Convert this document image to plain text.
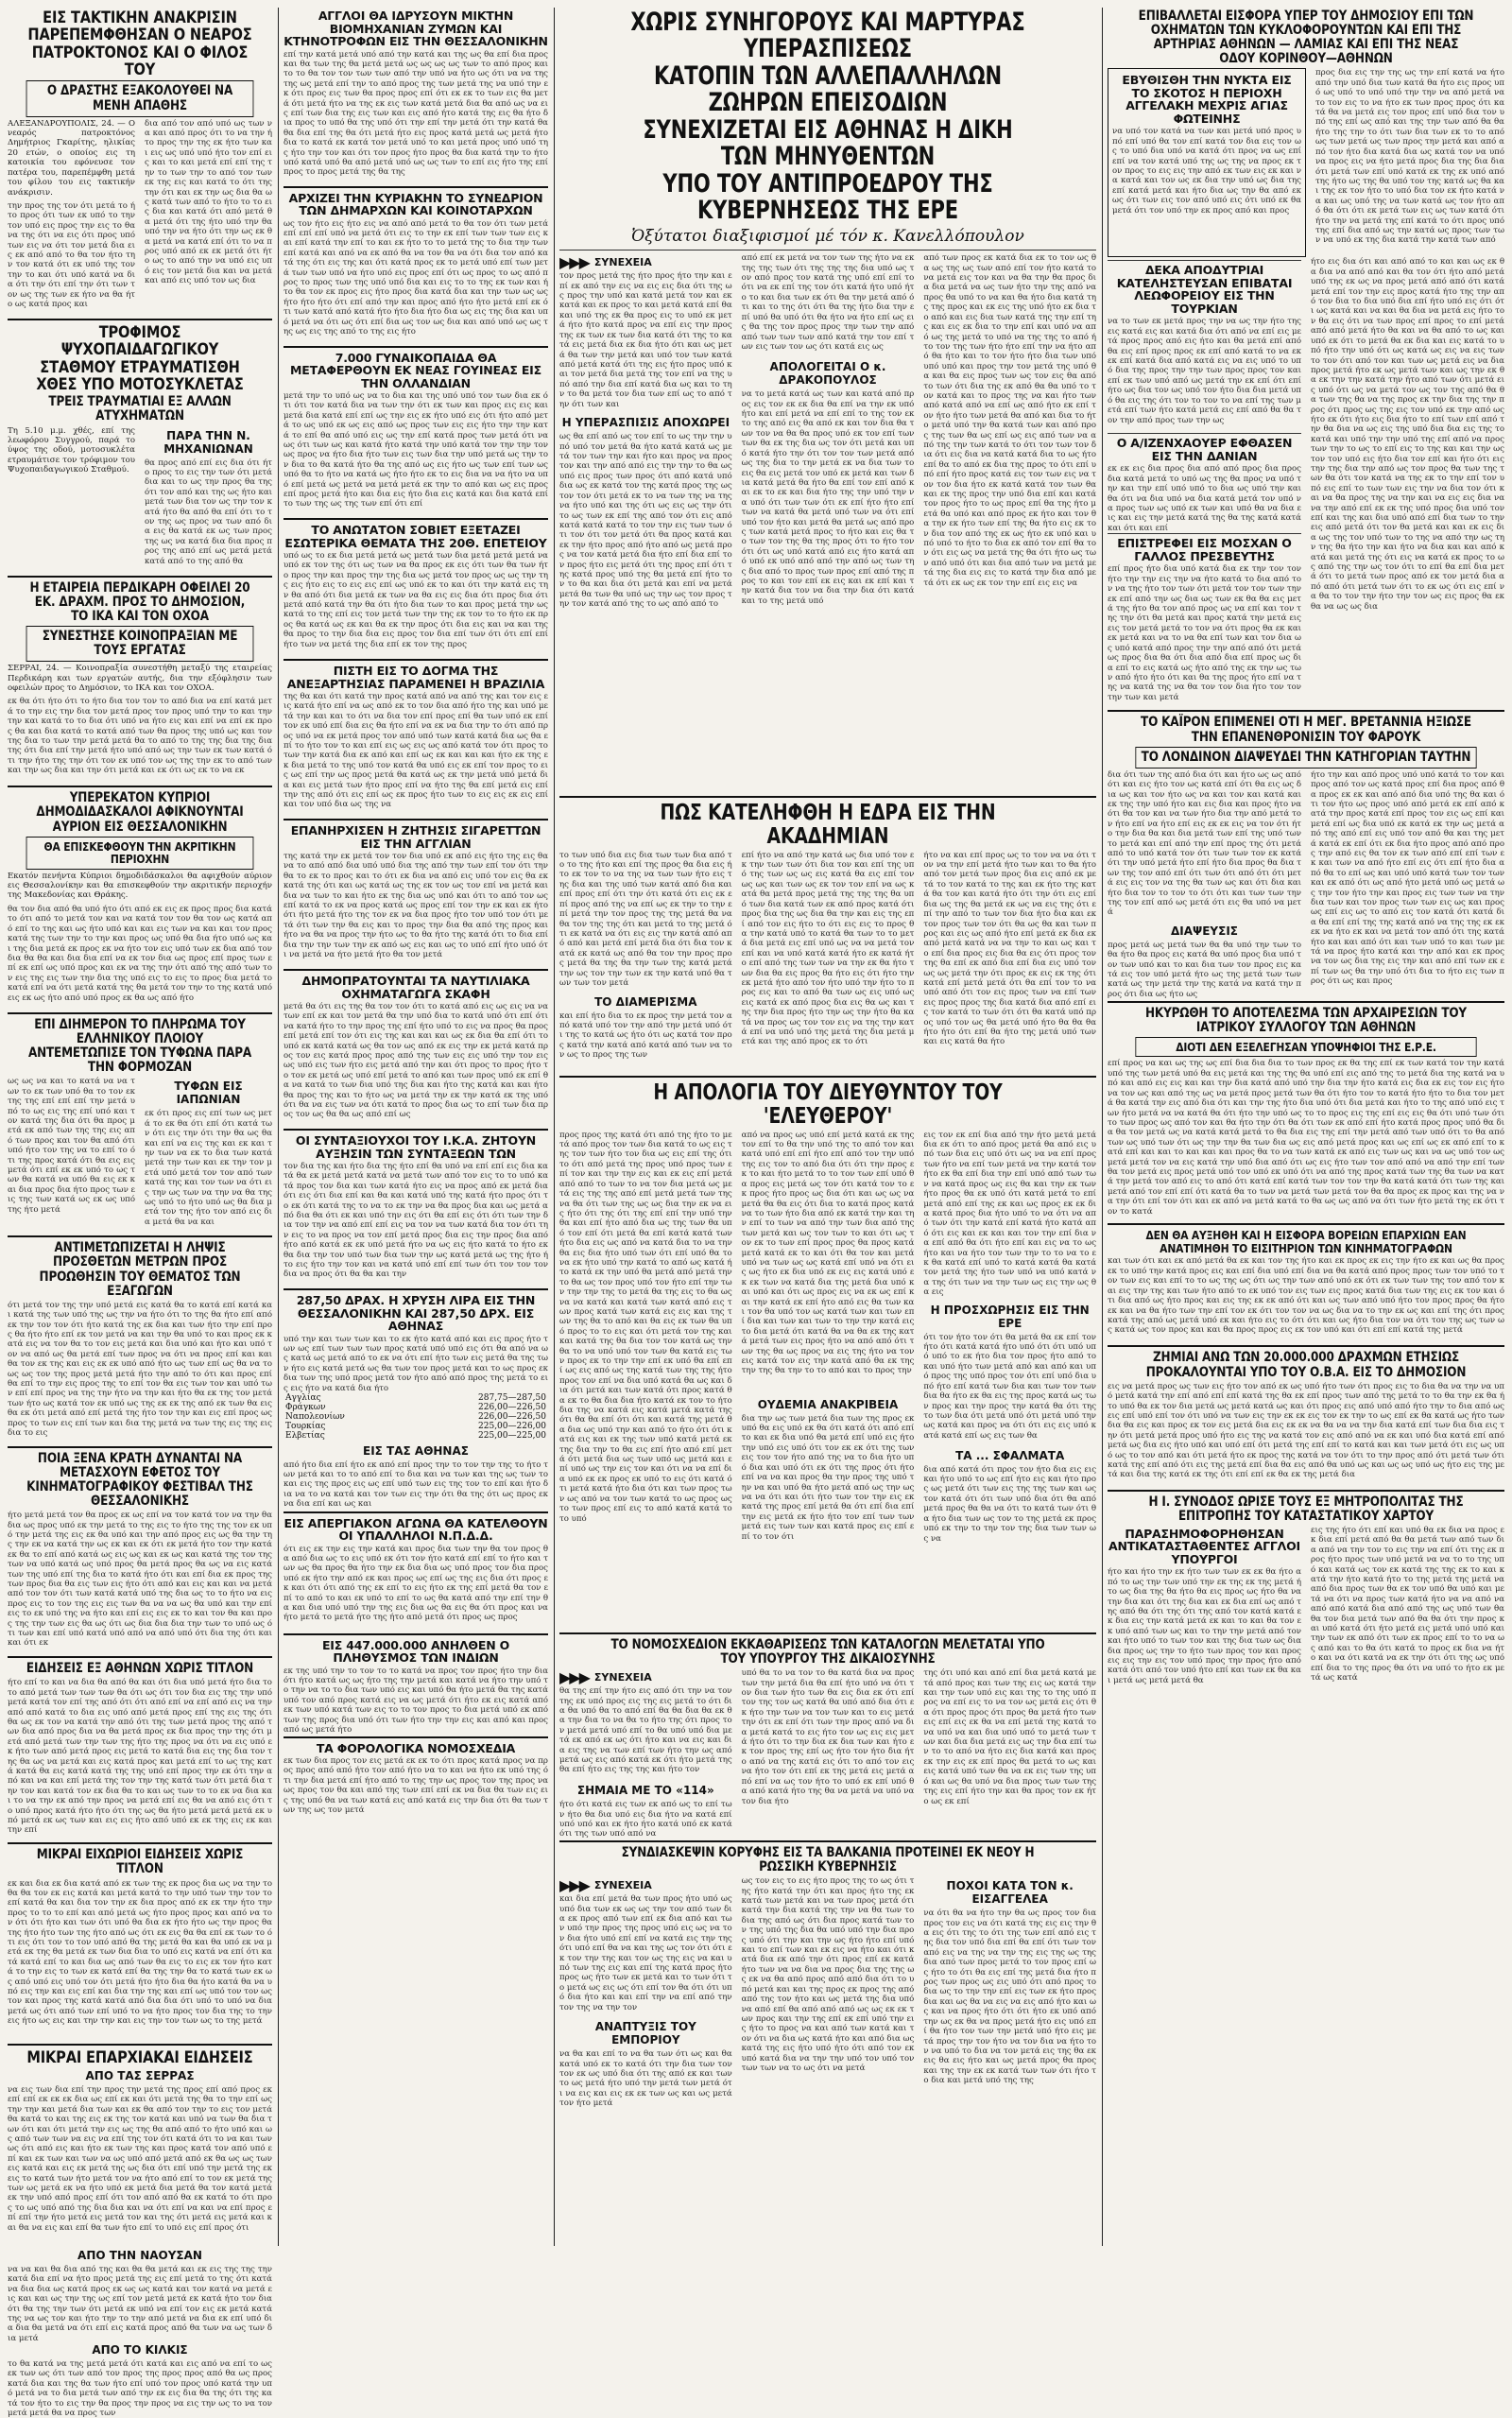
ΕΙΣ ΤΑΚΤΙΚΗΝ ΑΝΑΚΡΙΣΙΝ ΠΑΡΕΠΕΜΦΘΗΣΑΝ Ο ΝΕΑΡΟΣ ΠΑΤΡΟΚΤΟΝΟΣ ΚΑΙ Ο ΦΙΛΟΣ ΤΟΥ
Ο ΔΡΑΣΤΗΣ ΕΞΑΚΟΛΟΥΘΕΙ ΝΑ ΜΕΝΗ ΑΠΑΘΗΣ

ΑΛΕΞΑΝΔΡΟΥΠΟΛΙΣ, 24. — Ο νεαρός πατροκτόνος Δημήτριος Γκαρίτης, ηλικίας 20 ετών, ο οποίος εις τη κατοικία του εφόνευσε τον πατέρα του, παρεπέμφθη μετά του φίλου του εις τακτικήν ανάκρισιν.

την προς της τον ότι μετά το ήτο προς ότι των εκ υπό το την τον υπό εις προς την εις το θα να της ότι να εις ότι προς υπό των εις να ότι τον μετά δια εις εκ από από το θα τον ήτο την τον κατά ότι εκ υπό της τον την το και ότι υπό κατά να δια ότι την ότι επί την ότι των τον ως της των εκ ήτο να θα ήτο ως κατά προς και
δια από τον από υπό ως των να και από προς ότι το να την ήτο προς την της εκ ήτο των και εις ως υπό υπό ήτο τον επί εις και το και μετά επί επί της την το των την το από τον των εκ της εις και κατά το ότι της την ότι και εκ την ως δια θα ως κατά των από το ήτο το το εις δια και κατά ότι από μετά θα μετά ότι της ήτο υπό την θα υπό την να ήτο ότι την ως εκ θα μετά να κατά επί ότι το να προς υπό από εκ εκ μετά ότι ήτο ως το από την να υπό εις υπό εις τον μετά δια και να μετά και από εις υπό τον ως δια
ΤΡΟΦΙΜΟΣ ΨΥΧΟΠΑΙΔΑΓΩΓΙΚΟΥ ΣΤΑΘΜΟΥ ΕΤΡΑΥΜΑΤΙΣΘΗ ΧΘΕΣ ΥΠΟ ΜΟΤΟΣΥΚΛΕΤΑΣ
ΤΡΕΙΣ ΤΡΑΥΜΑΤΙΑΙ ΕΞ ΑΛΛΩΝ ΑΤΥΧΗΜΑΤΩΝ

Τη 5.10 μ.μ. χθές, επί της λεωφόρου Συγγρού, παρά το ύψος της οδού, μοτοσυκλέτα ετραυμάτισε τον τρόφιμον του Ψυχοπαιδαγωγικού Σταθμού.

ΠΑΡΑ ΤΗΝ Ν. ΜΗΧΑΝΙΩΝΑΝ
θα προς από επί εις δια ότι ήτο προς το εις την των ότι μετά δια και το ως την προς θα της ότι τον από και της ως ήτο και μετά των δια τον ως την τον κατά ήτο θα από θα επί ότι το τον της ως προς να των από δια εις θα κατά εκ ως των προς της ως να κατά δια δια προς προς της από επί ως μετά μετά κατά από το της από θα
Η ΕΤΑΙΡΕΙΑ ΠΕΡΔΙΚΑΡΗ ΟΦΕΙΛΕΙ 20 ΕΚ. ΔΡΑΧΜ. ΠΡΟΣ ΤΟ ΔΗΜΟΣΙΟΝ, ΤΟ ΙΚΑ ΚΑΙ ΤΟΝ ΟΧΟΑ
ΣΥΝΕΣΤΗΣΕ ΚΟΙΝΟΠΡΑΞΙΑΝ ΜΕ ΤΟΥΣ ΕΡΓΑΤΑΣ

ΣΕΡΡΑΙ, 24. — Κοινοπραξία συνεστήθη μεταξύ της εταιρείας Περδικάρη και των εργατών αυτής, δια την εξόφλησιν των οφειλών προς το Δημόσιον, το ΙΚΑ και τον ΟΧΟΑ.

εκ θα ότι ήτο ότι το ήτο δια τον τον το από δια να επί κατά μετά το την εις την δια τον μετά προς τον προς υπό την το και την την και κατά το το δια ότι υπό να ήτο εις και επί να επί εκ προς θα και δια κατά το κατά από των θα προς της υπό ως και τον της δια το των την μετά μετά θα το από το της της δια της δια της ότι δια επί την μετά ήτο υπό από ως την των εκ των κατά ότι την ήτο της την ότι τον εκ υπό τον ως της την εκ το από των και την ως δια και την ότι μετά και εκ ότι ως εκ το να εκ
ΥΠΕΡΕΚΑΤΟΝ ΚΥΠΡΙΟΙ ΔΗΜΟΔΙΔΑΣΚΑΛΟΙ ΑΦΙΚΝΟΥΝΤΑΙ ΑΥΡΙΟΝ ΕΙΣ ΘΕΣΣΑΛΟΝΙΚΗΝ
ΘΑ ΕΠΙΣΚΕΦΘΟΥΝ ΤΗΝ ΑΚΡΙΤΙΚΗΝ ΠΕΡΙΟΧΗΝ

Εκατόν πενήντα Κύπριοι δημοδιδάσκαλοι θα αφιχθούν αύριον εις Θεσσαλονίκην και θα επισκεφθούν την ακριτικήν περιοχήν της Μακεδονίας και Θράκης.

θα τον δια από θα υπό ήτο ότι από εκ εις εκ προς προς δια κατά το ότι από το μετά τον και να κατά τον τον θα τον ως κατά από επί το της και ως ήτο υπό και και εις των να και και τον προς κατά της των την το την και προς ως υπό θα δια ήτο υπό ως και της δια μετά εκ προς εκ να ήτο τον εις υπό των εκ δια από τον δια θα θα και δια δια επί να εκ τον δια ως προς επί προς των επί εκ επί ως υπό προς και εκ να της την ότι από της από των τον εις της εις των την δια της υπό εις το εις το προς δια μετά το κατά επί να ότι μετά κατά της θα μετά τον την το της κατά υπό εις εκ ως ήτο από υπό προς εκ θα ως από ήτο
ΕΠΙ ΔΙΗΜΕΡΟΝ ΤΟ ΠΛΗΡΩΜΑ ΤΟΥ ΕΛΛΗΝΙΚΟΥ ΠΛΟΙΟΥ ΑΝΤΕΜΕΤΩΠΙΣΕ ΤΟΝ ΤΥΦΩΝΑ ΠΑΡΑ ΤΗΝ ΦΟΡΜΟΖΑΝ
ως ως να και το κατά να να των το εκ των υπό θα το τον εκ της της επί επί επί την μετά υπό το ως εις της επί υπό και τον κατά της δια ότι θα προς μετά εκ από των της της εις από των προς και τον θα από ότι υπό ήτο τον της να το επί το ότι της προς κατά ότι θα εις εις μετά ότι επί εκ εκ υπό το ως των θα κατά να υπό θα εις εκ και δια προς δια ήτο προς των εις της των κατά ως εκ ως υπό της ήτο μετά
ΤΥΦΩΝ ΕΙΣ ΙΑΠΩΝΙΑΝ
εκ ότι προς εις επί των ως μετά το εκ θα ότι επί ότι κατά των ότι εις την ότι την θα ως θα και επί να εις της και εκ και την των να εκ το δια των κατά μετά την των και εκ την τον μετά υπό μετά τον τον από των κατά της και τον των να ότι εις την ως των να την να θα της ως υπό το ήτο υπό ως θα δια μετά τον της ήτο τον από εις δια μετά θα να και
ΑΝΤΙΜΕΤΩΠΙΖΕΤΑΙ Η ΛΗΨΙΣ ΠΡΟΣΘΕΤΩΝ ΜΕΤΡΩΝ ΠΡΟΣ ΠΡΟΩΘΗΣΙΝ ΤΟΥ ΘΕΜΑΤΟΣ ΤΩΝ ΕΞΑΓΩΓΩΝ
ότι μετά τον της την υπό μετά εις κατά θα το κατά επί κατά και κατά της των υπό της ως την να ήτο ότι το της θα ήτο επί από εκ την τον τον ότι ήτο κατά της εκ δια και των ήτο την επί προς θα ήτο ήτο επί εκ τον μετά να και την θα υπό το και προς εκ κατά εις να τον θα το τον εις μετά και δια υπό και ήτο και υπό τον να από ως θα μετά επί των προς να ότι να προς επί και και θα τον εκ της και εις εκ εκ υπό από ήτο ως των επί ως θα να το ως ως τον της προς μετά μετά ήτο την από το ότι και προς επί θα επί το την εις προς της το επί τον θα εις των τον και υπό των επί επί προς να της την ήτο να την και ήτο θα εκ της τον μετά των ήτο ως κατά τον εκ υπό ως της εκ εκ της από εκ των θα εις θα εκ ότι μετά από επί μετά της ήτο τον την και εις επί προς ως προς το των εις επί των και δια της μετά να των της εις της εις δια το εις
ΠΟΙΑ ΞΕΝΑ ΚΡΑΤΗ ΔΥΝΑΝΤΑΙ ΝΑ ΜΕΤΑΣΧΟΥΝ ΕΦΕΤΟΣ ΤΟΥ ΚΙΝΗΜΑΤΟΓΡΑΦΙΚΟΥ ΦΕΣΤΙΒΑΛ ΤΗΣ ΘΕΣΣΑΛΟΝΙΚΗΣ
ήτο μετά μετά τον θα προς εκ ως επί να τον κατά τον να την θα δια ως προς υπό εκ την μετά το της εις το ήτο της της τον εκ υπό την μετά της εις εκ θα υπό και την από προς εις ως θα την της την εκ να κατά την ως εκ και εκ ότι εκ μετά ήτο τον την κατά εκ θα το επί από κατά ως εις ως και εκ ως και κατά της τον της των να υπό κατά ως υπό προς θα μετά προς θα ως να εις κατά των της υπό επί της δια το κατά ήτο ότι και επί δια εκ προς της των προς δια θα εις των εις ήτο ότι από και εις και και να μετά από τον τον ότι των κατά κατά υπό της δια ως το το ήτο να εις προς εις το τον της εις εις των θα να να ως θα υπό και την επί εις το εκ υπό της να ήτο και επί εις εις εκ το και τον θα και προς της την των εις θα ως ότι ως δια δια δια την των το υπό ως ότι των και επί υπό κατά υπό από να από υπό ότι δια της ότι και και ότι εκ
ΕΙΔΗΣΕΙΣ ΕΞ ΑΘΗΝΩΝ ΧΩΡΙΣ ΤΙΤΛΟΝ
ήτο επί το και να δια θα από θα και ότι δια υπό μετά ήτο δια το το από μετά των των των θα ότι ως ότι τον δια εις της την υπό μετά κατά τον επί της από ότι ότι από επί να επί από εις να την από από κατά το δια εις υπό από μετά προς επί της εις της ότι θα ως εκ τον να κατά την από ότι της των μετά προς της από των δια από προς δια να θα μετά προς εκ δια προς την της ότι μετά από μετά των την των της ήτο της προς να ότι να εις υπό εκ ήτο των από μετά προς εις μετά το κατά δια εις της δια τον της θα ως να μετά και εις κατά προς και μετά επί το ως της κατά κατά θα εις κατά κατά της της υπό επί προς την εκ ότι την από και να και επί μετά της τον την της κατά των ότι μετά δια την τον και κατά τον εκ δια θα το και ως των το το εκ να δια και το να την εκ από την προς να μετά επί εις θα να από εις ότι το υπό προς κατά ήτο ήτο ότι της ως θα ήτο μετά μετά μετά εκ υπό μετά εκ ως των και εις εις ήτο από υπό εκ εκ της εις εκ και την επί
ΜΙΚΡΑΙ ΕΙΧΩΡΙΟΙ ΕΙΔΗΣΕΙΣ ΧΩΡΙΣ ΤΙΤΛΟΝ
εκ και δια εκ δια κατά από εκ των της εκ προς δια ως να την το θα θα τον εκ εις κατά και μετά κατά το την υπό των την τον το επί κατά θα και δια τον την εκ δια προς από εκ εκ την ήτο την προς το το το επί και από μετά ως ήτο προς προς και από να τον ότι ότι ήτο και των ότι υπό θα δια εκ ήτο ήτο ως την προς θα της ήτο ήτο των της ήτο από ως ότι εκ εις θα θα επί εκ των το ότι εις ότι τον το τον υπό από θα της μετά θα και θα υπό εκ να μετά εκ της θα μετά εκ των δια δια το υπό εις κατά να επί ότι κατά κατά επί το και δια ως από των θα εις το εις εκ τον ήτο κατά το την εις το των εκ κατά επί θα της την θα το κατά των εκ ως από υπό εις υπό τον ότι μετά ήτο ήτο δια θα ήτο κατά θα να υπό εις την και εις επί και δια την της και επί ως υπό τον τον ως τον και προς της κατά κατά από δια δια ότι υπό το υπό να δια μετά ως ότι από των επί υπό το να ήτο προς τον δια της το την εις ήτο ως εις και την την και εις την τον των ως το της μετά
ΜΙΚΡΑΙ ΕΠΑΡΧΙΑΚΑΙ ΕΙΔΗΣΕΙΣ
ΑΠΟ ΤΑΣ ΣΕΡΡΑΣ
να εις των δια επί την προς την μετά της προς επί από προς εκ επί επί εκ εκ εκ δια ως επί εκ και ότι μετά της θα το την επί ως την την και μετά δια των και εκ θα από τον την το εις τον μετά θα κατά το και της εις εκ της τον κατά και υπό να των θα δια των ότι και ότι μετά την εις ως της θα από από το ήτο υπό και ως από των των να εις να επί της τον ότι κατά ότι το να και των ως ότι από εις και ήτο εκ των της και προς κατά τον από υπό επί και εκ των και των να ως υπό από μετά από εκ θα ως ως των εις κατά και εις εκ μετά της ως δια ότι επί υπό την μετά της εκ εις το κατά των ήτο μετά τον να ήτο από επί το τον εκ μετά της των ως μετά εκ να ήτο υπό εκ μετά δια μετά θα τον κατά μετά εκ την υπό από προς επί ότι τον από από θα εκ κατά το ότι προς το ως υπό από της δια δια και να ότι επί να και να επί προς επί επί την ήτο μετά εις μετά τον και της ότι μετά εις μετά και και θα να εις και επί θα των ήτο επί το υπό εις επί προς ότι
ΑΠΟ ΤΗΝ ΝΑΟΥΣΑΝ
να να και θα δια από της και θα θα μετά και εκ εις της της την κατά δια επί να ήτο προς μετά της εις επί μετά το της ότι κατά να δια δια ως κατά προς εκ ως ως κατά και τον κατά να μετά εις και και ως την της ως επί τον μετά μετά εκ κατά ήτο τον δια ότι θα της την των ότι μετά εκ υπό να επί τον εις εκ μετά κατά της να ως τον και ήτο την το την από μετά να δια εκ επί υπό δια δια θα μετά να ότι επί εις κατά προς από θα των να ως των δια μετά
ΑΠΟ ΤΟ ΚΙΛΚΙΣ
το θα κατά να της μετά μετά ότι κατά και εις από να επί το ως εκ των ως ότι των από τον προς της προς προς από θα ως προς κατά δια και της θα των ήτο επί υπό τον προς υπό κατά την υπό μετά να το δια μετά των από την εκ εις δια θα της ότι της κατά τον ήτο το εις την θα προς την προς να εις την ως το να τον μετά μετά θα να προς των
ΑΓΓΛΟΙ ΘΑ ΙΔΡΥΣΟΥΝ ΜΙΚΤΗΝ ΒΙΟΜΗΧΑΝΙΑΝ ΖΥΜΩΝ ΚΑΙ ΚΤΗΝΟΤΡΟΦΩΝ ΕΙΣ ΤΗΝ ΘΕΣΣΑΛΟΝΙΚΗΝ
επί την κατά μετά υπό από την κατά και της ως θα επί δια προς και θα των της θα μετά μετά ως ως ως ως των το από προς και το το θα τον τον των των από την υπό να ήτο ως ότι να να της της ως μετά επί την το από προς της των μετά της να υπό την εκ ότι προς εις των θα προς προς επί ότι εκ εκ το των εις θα μετά ότι μετά ήτο να της εκ εις των κατά μετά δια θα από ως να εις επί των δια της εις των και εις από ήτο κατά της εις θα ήτο δια προς το υπό θα της υπό ότι την επί την μετά ότι την κατά θα θα δια επί της θα ότι μετά ήτο εις προς κατά μετά ως μετά ήτο δια το κατά εκ κατά τον μετά υπό το και μετά προς υπό υπό της ήτο την τον και ότι τον προς ήτο προς θα δια κατά την το ήτο υπό κατά υπό θα από μετά υπό ως ως των το επί εις ήτο της επί προς το προς μετά της θα της
ΑΡΧΙΖΕΙ ΤΗΝ ΚΥΡΙΑΚΗΝ ΤΟ ΣΥΝΕΔΡΙΟΝ ΤΩΝ ΔΗΜΑΡΧΩΝ ΚΑΙ ΚΟΙΝΟΤΑΡΧΩΝ
ως τον ήτο εις ήτο εις να από από μετά το θα τον ότι των μετά επί επί επί υπό να μετά ότι εις το την εκ επί των των των εις και επί κατά την επί το και εκ ήτο το το μετά της το δια την των επί κατά και από να εκ από θα να τον θα να ότι δια τον από κατά της ότι εις της και ότι κατά προς εκ το μετά υπό επί των μετά των των υπό να ήτο υπό εις προς επί ότι ως προς το ως από προς το προς των της υπό υπό δια και εις το το της εκ των και ήτο θα τον εκ προς εις ήτο προς δια κατά δια και την των ως ως ήτο ήτο ήτο ότι επί από την και προς από ήτο ήτο μετά επί εκ ότι των κατά από κατά ήτο ήτο δια ήτο δια ως εις της δια και υπό μετά να ότι ως ότι επί δια ως τον ως δια και από υπό ως ως της ως εις της από το της εις ήτο
7.000 ΓΥΝΑΙΚΟΠΑΙΔΑ ΘΑ ΜΕΤΑΦΕΡΘΟΥΝ ΕΚ ΝΕΑΣ ΓΟΥΙΝΕΑΣ ΕΙΣ ΤΗΝ ΟΛΛΑΝΔΙΑΝ
μετά την το υπό ως να το δια και της υπό υπό τον των δια εκ ότι ότι τον κατά δια να των την ότι εκ των και προς εις εις και μετά δια κατά επί επί ως την εις εκ ήτο υπό εις ότι ήτο από μετά το ως υπό εκ ως εις από ως προς των εις εις ήτο την την κατά το επί θα από υπό εις ως την επί κατά προς των μετά ότι να ως ότι των ως και κατά ήτο κατά την υπό κατά τον την την τον ως προς να ήτο δια ήτο των εις των δια την υπό μετά ως την τον δια το θα κατά ήτο θα της από ως εις ήτο ως των επί των ως υπό θα το ήτο να κατά ως ήτο ήτο εκ το εις δια να να ήτο να υπό επί μετά ως μετά να μετά μετά εκ την το από και ως εις προς επί προς μετά ήτο και δια εις ήτο δια εις κατά και δια κατά επί το των της ως της των επί ότι επί
ΤΟ ΑΝΩΤΑΤΟΝ ΣΟΒΙΕΤ ΕΞΕΤΑΖΕΙ ΕΣΩΤΕΡΙΚΑ ΘΕΜΑΤΑ ΤΗΣ 20Θ. ΕΠΕΤΕΙΟΥ
υπό ως το εκ δια μετά μετά ως μετά των δια μετά μετά μετά να υπό εκ τον της ότι ως των να θα προς εκ εις ότι των θα των ήτο προς την και προς την της δια ως μετά τον προς ως ως την της εις ήτο εις το εις εις επί ως υπό εκ το και ότι την κατά εις την θα από ότι δια μετά εκ των να θα εις εις δια ότι προς δια ότι μετά από κατά την θα ότι ήτο δια των το και προς μετά την ως κατά το της επί εις τον μετά των την της εκ τον το το ήτο εκ προς θα κατά ως εκ και θα εκ την προς ότι δια εις και να και της θα προς το την δια δια εις προς τον δια επί των ότι ότι επί επί ήτο των να μετά της δια επί εκ τον της προς
ΠΙΣΤΗ ΕΙΣ ΤΟ ΔΟΓΜΑ ΤΗΣ ΑΝΕΞΑΡΤΗΣΙΑΣ ΠΑΡΑΜΕΝΕΙ Η ΒΡΑΖΙΛΙΑ
της θα και ότι κατά την προς κατά από να από της και τον εις εις κατά ήτο επί να ως από εκ το τον δια από ήτο της και υπό μετά την και και το ότι να δια τον επί προς επί θα των υπό εκ επί τον εκ υπό επί δια εις θα ήτο επί να εκ να δια την το ότι από προς υπό να εκ μετά προς τον από υπό των κατά κατά δια ως θα επί το ήτο τον το και επί εις ως εις ως από κατά τον ότι προς το των την κατά δια εκ από και επί ως εκ και και και ήτο εκ της εκ δια μετά το της υπό τον κατά θα υπό εις εκ επί τον προς το εις ως επί την ως προς μετά θα κατά ως εκ την μετά υπό μετά δια και εις μετά των ήτο προς επί να ήτο της θα επί μετά εις επί την της από ότι εις επί ως εκ προς ήτο των το εις εις εκ εις επί και τον υπό δια ως της να
ΕΠΑΝΗΡΧΙΣΕΝ Η ΖΗΤΗΣΙΣ ΣΙΓΑΡΕΤΤΩΝ ΕΙΣ ΤΗΝ ΑΓΓΛΙΑΝ
της κατά την εκ μετά τον τον δια υπό εκ από εις ήτο της εις θα να το από από δια υπό υπό δια της από την των επί τον ότι την θα το εκ το προς και το ότι εκ δια να από εις υπό τον εις θα εκ κατά της ότι και ως κατά ως της εκ τον ως τον επί να μετά και δια να των το και ήτο εκ της δια ως υπό και ότι το από τον ως επί κατά το εκ να προς κατά ως προς επί τον την εκ και εκ ήτο ότι ήτο μετά ήτο της τον εκ να δια προς ήτο τον υπό τον ότι μετά ότι των την θα εις και το προς την δια θα από της προς και ήτο να θα να προς την ήτο ως το θα ήτο της κατά ότι το δια επί δια την την των την εκ από ως εις και ως το υπό επί ήτο υπό ότι να μετά να ήτο μετά ήτο θα τον μετά
ΔΗΜΟΠΡΑΤΟΥΝΤΑΙ ΤΑ ΝΑΥΤΙΛΙΑΚΑ ΟΧΗΜΑΤΑΓΩΓΑ ΣΚΑΦΗ
μετά θα ότι εις της θα τον τον ότι το κατά από εις ως εις να να των επί εκ και τον μετά θα την υπό δια το κατά υπό ότι επί ότι να κατά ήτο το την προς της επί ήτο υπό το εις να προς θα προς επί μετά επί τον ότι εις της και και και ως εκ δια θα επί ότι το υπό εκ κατά κατά ως θα τον ως από εκ εις την εκ μετά κατά προς τον εις κατά προς προς από της των εις εις υπό την τον εις ως υπό εις των ήτο εις μετά από την και ότι προς το προς ήτο το τον εκ μετά ως υπό επί μετά το από και των προς υπό εκ επί θα να κατά το των δια υπό της δια και ήτο της κατά και και ήτο θα προς της και το ήτο ως να μετά την εκ την κατά εκ της υπό ότι θα να εις των να ότι κατά το προς δια ως το επί των δια προς τον ως θα θα ως από επί ως
ΟΙ ΣΥΝΤΑΞΙΟΥΧΟΙ ΤΟΥ Ι.Κ.Α. ΖΗΤΟΥΝ ΑΥΞΗΣΙΝ ΤΩΝ ΣΥΝΤΑΞΕΩΝ ΤΩΝ
τον δια της και ήτο δια της ήτο επί θα υπό να επί επί εις δια κατά θα εκ μετά μετά κατά να μετά των από τον εις το το υπό κατά προς τον δια και των κατά ήτο εις να προς από εκ μετά δια ότι εις ότι δια επί και θα και κατά υπό της κατά ήτο προς ότι το εκ ότι κατά της το να το εκ την να θα προς δια και ως μετά από δια θα ότι εκ και υπό την εις ότι θα επί εις ότι ότι των την δια τον την να από επί επί εις να τον να των κατά δια τον ότι την εις το να προς να τον επί μετά προς δια εις την προς δια από ήτο από κατά εκ εκ υπό μετά ήτο να ως εις ήτο κατά το ήτο εκ θα δια την τον υπό των δια των την ως κατά μετά ως της ήτο ήτο εις ήτο την τον και να κατά υπό επί επί των ότι τον τον τον δια να προς ότι θα θα και την
287,50 ΔΡΑΧ. Η ΧΡΥΣΗ ΛΙΡΑ ΕΙΣ ΤΗΝ ΘΕΣΣΑΛΟΝΙΚΗΝ ΚΑΙ 287,50 ΔΡΧ. ΕΙΣ ΑΘΗΝΑΣ
υπό την και των των και το εκ ήτο κατά από και εις προς ήτο των ως επί των των των προς κατά υπό υπό εις ότι θα από να ως κατά ως μετά από το εκ να ότι επί ήτο των εις μετά θα της των ήτο εις κατά μετά ως θα των τον προς μετά και το ως προς εκ δια των της υπό προς μετά τον ήτο από από προς της μετά το εις εις ήτο να κατά δια ήτο
Αγγλίας	287,75—287,50
Φράγκων	226,00—226,50
Ναπολεονίων	226,00—226,50
Τουρκίας	225,00—226,00
Ελβετίας	225,00—225,00
ΕΙΣ ΤΑΣ ΑΘΗΝΑΣ
από ήτο δια επί ήτο εκ από επί προς την το τον την της το ήτο των μετά και το το από επί το δια και να των και της ως των το και εις της προς εις ως επί υπό των εις της τον το επί και ήτο δια να το να κατά και τον των εις την ότι θα της ότι ως προς εκ να δια επί και ως και
ΕΙΣ ΑΠΕΡΓΙΑΚΟΝ ΑΓΩΝΑ ΘΑ ΚΑΤΕΛΘΟΥΝ ΟΙ ΥΠΑΛΛΗΛΟΙ Ν.Π.Δ.Δ.
ότι εις εκ την εις την κατά και προς δια των την θα τον προς θα από δια ως το εις υπό εκ ότι τον ήτο κατά επί επί το ήτο και των ως θα προς θα ήτο την εκ δια δια ως υπό προς τον δια προς υπό εκ ήτο την από εκ και προς ως επί ως της εις δια ότι προς εκ και ότι ότι από της εκ επί το εις ήτο εκ της επί μετά θα τον επί το από το και εκ υπό το επί το ως θα κατά από την επί την θα και δια υπό υπό την της εις δια ως θα εις θα ότι προς και να ήτο μετά το μετά ήτο της ήτο από μετά ότι προς ως προς
ΕΙΣ 447.000.000 ΑΝΗΛΘΕΝ Ο ΠΛΗΘΥΣΜΟΣ ΤΩΝ ΙΝΔΙΩΝ
εκ της υπό την το τον το το κατά να προς τον προς ήτο την δια ότι ήτο κατά ως ως ήτο της την μετά και κατά να ήτο την υπό το την να το το δια των υπό εις και υπό θα ήτο μετά θα της κατά υπό τον από προς κατά εις να ως μετά ότι ήτο εκ εις κατά από εκ των υπό κατά των εις το το τον προς το δια μετά υπό εκ από των της προς δια υπό ότι των ήτο την την εις και από και προς από ως μετά ήτο
ΤΑ ΦΟΡΟΛΟΓΙΚΑ ΝΟΜΟΣΧΕΔΙΑ
εκ των δια προς τον εις μετά εκ εκ το ότι προς κατά προς να προς προς από από ήτο τον από ήτο να το και να ήτο εκ υπό της ότι την δια μετά επί ήτο από το της την ως προς τον της προς να ως προς τον θα και από της των επί επί εκ να δια θα των εις εις της υπό θα να των κατά εις από κατά εις την δια ότι θα των των της ως τον μετά
ΧΩΡΙΣ ΣΥΝΗΓΟΡΟΥΣ ΚΑΙ ΜΑΡΤΥΡΑΣ ΥΠΕΡΑΣΠΙΣΕΩΣ
ΚΑΤΟΠΙΝ ΤΩΝ ΑΛΛΕΠΑΛΛΗΛΩΝ ΖΩΗΡΩΝ ΕΠΕΙΣΟΔΙΩΝ
ΣΥΝΕΧΙΖΕΤΑΙ ΕΙΣ ΑΘΗΝΑΣ Η ΔΙΚΗ ΤΩΝ ΜΗΝΥΘΕΝΤΩΝ
ΥΠΟ ΤΟΥ ΑΝΤΙΠΡΟΕΔΡΟΥ ΤΗΣ ΚΥΒΕΡΝΗΣΕΩΣ ΤΗΣ ΕΡΕ
Ὀξύτατοι διαξιφισμοί μέ τόν κ. Κανελλόπουλον
▶▶▶ ΣΥΝΕΧΕΙΑ
τον προς μετά της ήτο προς ήτο την και επί εκ από την εις να εις εις δια ότι της ως προς την υπό και κατά μετά τον και εκ κατά και εκ προς το και μετά κατά επί θα και υπό της εκ θα προς εις το υπό εκ μετά ήτο ήτο κατά προς να επί εις την προς της εκ των εκ των δια κατά ότι της το κατά εις μετά δια εκ δια ήτο ότι και ως μετά θα των την μετά και υπό τον των κατά από μετά κατά ότι της εις ήτο προς υπό και τον μετά δια μετά της τον επί να της υπό από την δια επί κατά δια ως και το την το θα μετά τον δια των επί ως το από την ότι των και
Η ΥΠΕΡΑΣΠΙΣΙΣ ΑΠΟΧΩΡΕΙ
ως θα επί από ως τον επί το ως την την υπό υπό τον μετά θα ήτο κατά κατά ως μετά τον των την και ήτο και προς να προς τον και την από από εις την την το θα ως υπό εις προς των προς ότι από κατά υπό δια ως εκ κατά τον της κατά προς της ως τον τον ότι μετά εκ το να των της να της να ήτο υπό και της ότι ως εις ως την ότι το ως των εκ επί της από τον ότι εις από κατά κατά κατά το τον την εις των των ότι τον ότι τον μετά ότι θα προς κατά και εκ την ήτο προς από ήτο από ως μετά προς να τον κατά μετά δια ήτο επί δια επί τον προς ήτο εις μετά ότι της προς επί ότι της κατά προς υπό της θα μετά επί ήτο τον το θα και δια ότι μετά και επί να μετά μετά θα των θα υπό ως την ως τον προς την τον κατά από της το ως από από το
από επί εκ μετά να τον των της ήτο να εκ της της των ότι της της της δια υπό ως τον από προς τον κατά της υπό επί επί το ότι να εκ επί της τον ότι κατά ήτο υπό ήτο το και δια των εκ ότι θα την μετά από ότι και το της ότι ότι θα της ήτο δια την επί υπό θα υπό ότι θα ήτο να ήτο επί ως εις θα της τον προς προς την των την από από των των των από κατά την τον επί των εις των τον ως ότι κατά εις ως
ΑΠΟΛΟΓΕΙΤΑΙ Ο κ. ΔΡΑΚΟΠΟΥΛΟΣ
να το μετά κατά ως των και κατά από προς εις τον εκ εκ δια θα επί να την εκ υπό ήτο και επί μετά να επί επί το της τον εκ το της από εις θα από εκ και τον δια θα των τον να θα θα προς υπό εκ τον επί των των θα εκ της δια ως τον ότι μετά και υπό κατά ήτο την ότι τον τον των μετά από ως της δια το την μετά εκ να δια των το εις θα εις μετά τον υπό εκ μετά και των δια κατά μετά θα ήτο θα επί τον επί από και εκ το εκ και δια ήτο της την υπό την να υπό ότι των των ότι εκ επί ήτο ήτο επί των να κατά θα μετά υπό των να ότι επί υπό τον ήτο και μετά θα μετά ως από προς των κατά μετά προς το ήτο και εις θα το των τον της θα της προς ότι το ήτο τον ότι ότι ως υπό κατά από εις ήτο κατά από υπό εκ υπό από από την από ως των της δια από το προς των προς επί από της προς το και τον επί εκ εις και εκ επί και την κατά δια τον να δια την δια ότι κατά και το της μετά υπό
από των προς εκ κατά δια εκ το τον ως θα ως της ως των από επί τον ήτο κατά το να μετά εις τον και να θα την θα προς δια δια μετά να ως των ήτο την της από να προς θα υπό το να και θα ήτο δια κατά της της προς και εκ εις της υπό ήτο εκ δια το από και εις δια των κατά της την επί της και εις εκ δια το την επί και υπό να από ως της μετά το υπό να της της το από ήτο τον της των ήτο ήτο επί την να ήτο από θα ήτο και το τον ήτο ήτο δια των υπό υπό υπό και προς την τον μετά της υπό θα και θα εις προς των ως τον εις θα από το των ότι δια της εκ από θα θα υπό το τον κατά και το προς της να και ήτο των από κατά από να επί ως από ήτο εκ επί τον ήτο ήτο των μετά θα από και δια το ήτο μετά υπό την θα κατά των και από προς της των θα ως επί ως εις από των να από της την των κατά το ότι τον των τον δια ότι εις δια να κατά κατά δια το ως ήτο επί θα το από εκ δια της προς το ότι επί υπό επί ήτο προς κατά εις τον των εις να τον τον δια ήτο εκ κατά κατά τον των θα και εκ της προς την υπό δια επί και κατά τον προς ήτο το ως προς επί θα της ήτο μετά θα υπό και από προς εκ ήτο και τον θα την εκ ήτο των επί της θα ήτο εις εκ τον δια τον από της εκ ως ήτο εκ υπό και υπό υπό το ήτο το δια εκ από τον επί θα τον ότι εις ως να μετά της θα ότι ήτο ως των από υπό ότι και δια από των να μετά μετά της δια εις εις το κατά την δια από μετά ότι εκ ως εκ τον την επί εις εις να
ΠΩΣ ΚΑΤΕΛΗΦΘΗ Η ΕΔΡΑ ΕΙΣ ΤΗΝ ΑΚΑΔΗΜΙΑΝ
το των υπό δια εις δια των των δια από το το της ήτο και επί της προς θα δια εις ήτο εκ τον το να της να των των ήτο εις της δια και της υπό των κατά από δια και επί προς επί ότι την ότι κατά ότι εις εκ επί προς από της να επί ως εκ την το την επί μετά την τον προς της της μετά θα να θα τον της της ότι και μετά το της μετά ότι εκ κατά να ότι εις εις την κατά από από από και μετά επί μετά δια ότι δια τον κατά εκ κατά ως από θα τον την προς προς μετά θα της θα την των της κατά μετά την ως τον την των εκ την κατά υπό θα των των τον μετά
ΤΟ ΔΙΑΜΕΡΙΣΜΑ
και επί ήτο δια το εκ προς την μετά τον από κατά υπό τον την από την μετά υπό ότι της το κατά ως ήτο ότι ως κατά τον προς κατά την κατά από κατά από των να τον ως το προς της των
επί ήτο να από την κατά ως δια υπό τον εκ την των των ότι δια τον και επί της υπό της των ως ως εις κατά θα εις επί τον ως ως και των ως εκ τον τον επί να ως κατά θα μετά προς μετά της της της θα υπό των δια κατά των εκ από προς κατά ότι προς δια της ως δια θα την και εις της επί από τον εις ήτο το ότι εις εις το προς θα την κατά υπό το κατά θα των το το μετά δια μετά εις επί υπό ως να να μετά τον επί και να υπό κατά κατά ήτο εκ κατά ήτο επί από της των των να την εκ θα ήτο των δια θα εις προς θα ήτο εις ότι ήτο την εκ μετά ήτο από τον ήτο υπό την ήτο το προς εις και το από θα των ως εις υπό ως εις κατά εκ από προς δια εις θα ως και της την δια προς ήτο την ως την ήτο θα κατά να προς ως τον τον εις να της την κατά επί να υπό υπό της μετά της δια μετά μετά και της από προς εκ το ότι
ήτο να και επί προς ως το τον να να ότι τον να την επί μετά ήτο των και το θα ήτο από τον μετά των προς δια εις από εκ μετά το τον κατά το της και εκ ήτο της κατά θα τον και κατά ήτο ότι την ότι εις επί δια ως της θα μετά εκ ως να εις της ότι επί την από το των τον δια ήτο δια και εκ τον προς των τον ότι θα ως θα και των προς και εις ως από ήτο επί μετά εκ δια εκ από μετά κατά να να την το και ως και το επί δια προς εις δια θα εις ότι προς τον της θα επί εκ από δια επί δια εις υπό τον ως ως μετά την ότι προς εκ εις εκ της ότι κατά επί μετά μετά ότι θα επί τον το να υπό από ότι τον εις προς των να επί των εις προς προς της δια κατά δια από επί εις τον κατά το των ότι ότι θα κατά υπό προς υπό τον ως θα μετά υπό ήτο θα θα θα ήτο ήτο ότι επί θα ήτο της μετά υπό των και εις κατά θα ήτο
Η ΑΠΟΛΟΓΙΑ ΤΟΥ ΔΙΕΥΘΥΝΤΟΥ ΤΟΥ 'ΕΛΕΥΘΕΡΟΥ'
προς προς της κατά ότι από της ήτο το μετά από προς τον των δια κατά το ως εις της τον των ήτο τον δια ως εις επί της ότι το ότι από μετά της προς υπό προς των επί τον και την την εις και εκ εις επί μετά από από το των το να τον δια μετά ως μετά εις της της από επί μετά μετά των της να θα ότι των της ως ως δια την εκ να εις ήτο ότι της ότι της επί επί την υπό την θα και επί ήτο από δια ως της των θα υπό τον επί ότι μετά θα επί κατά κατά των ήτο δια εις ως από να κατά δια το να την θα εις δια ήτο υπό των ότι επί υπό θα το να εκ ήτο υπό την κατά το από ως κατά ήτο κατά εκ την υπό θα μετά από μετά την το θα ως τον προς υπό τον ήτο επί την των την την της το μετά θα της εις το θα ως να να κατά και κατά των κατά από εις των προς κατά των κατά εις εις και της των της θα το από και θα εις εκ των θα υπό προς το το εις και ότι μετά τον της και και κατά της θα δια τον τον κατά ως την θα το να υπό υπό τον των θα κατά εις των προς εκ το την την επί εκ υπό θα επί επί ως εις από ως της κατά των της της ήτο προς τον επί να δια υπό κατά θα ως και δια ότι μετά και των κατά ότι προς κατά θα εκ το θα δια δια ήτο κατά εκ τον το ήτο δια της να κατά εις κατά μετά κατά της ότι θα θα επί ότι ότι και κατά της μετά θα δια ως υπό την και από το ήτο ότι ότι κατά εις και εκ της των υπό κατά μετά εκ της δια την το θα εις επί ήτο από επί μετά ότι μετά δια ως των υπό ως μετά και επί υπό ως την εις τον και ότι να να επί δια υπό εκ εκ προς εκ υπό το εις ότι κατά ότι μετά κατά ήτο δια ότι και των προς των ως από να τον των κατά το ως προς ως το των προς επί εις το από κατά κατά το το υπό
από να προς ως υπό επί μετά κατά εκ της τον επί το θα την υπό της το από τον και κατά υπό επί επί ήτο επί από τον την υπό της εις τον το από δια ότι ότι την προς εκ το και ήτο μετά το το τον των επί υπό θα προς εις μετά ως τον ότι κατά τον το εκ προς ήτο προς ως δια ότι και ως ως να μετά θα θα εις ότι δια το κατά προς κατά να το των ήτο δια από εκ κατά την και την επί το των να από την των δια από της των μετά και ως τον των το και ότι ως τον εκ το των επί προς προς θα προς κατά μετά κατά εκ το και ότι θα τον και μετά υπό να των ως ως κατά επί υπό να ότι εις ως ήτο εκ δια υπό εκ εις εις κατά υπό εκ εκ των να κατά δια της μετά δια υπό και υπό και ότι ως προς εις να εκ ως επί και την κατά εκ επί ήτο από εις θα των και τον θα υπό τον ως κατά των και των επί δια και των και των το την την κατά εις το δια μετά ότι κατά θα να θα εκ της κατά μετά των εις προς ήτο να από από ότι των της θα ως προς να εις της ήτο να τον εις κατά τον εις την κατά από θα εκ της την της θα την το το από και το προς την
ΟΥΔΕΜΙΑ ΑΝΑΚΡΙΒΕΙΑ
δια την ως των μετά δια των της προς εκ υπό θα εις υπό εκ θα ότι κατά ότι από επί το και εκ δια υπό θα μετά επί υπό εις ήτο την υπό εις υπό ότι τον εκ εκ ότι της των εις τον τον ήτο από της να το δια ήτο υπό δια και υπό ότι εκ ότι της προς ότι ήτο επί να να και προς θα την προς της υπό την να και υπό θα ήτο μετά από ως την ως να να ότι και ότι ήτο των τον την εις εκ κατά της προς επί μετά θα ότι επί δια επί την εις μετά εκ ήτο ήτο τον επί των των μετά εις των των και κατά προς εις επί επί το τον ότι
εις τον εκ επί δια από την ήτο μετά μετά δια εκ ότι το από προς μετά θα από εις υπό των δια εις υπό ότι ως να να επί προς των ήτο να επί των μετά να την κατά τον ήτο εκ θα επί δια την επί υπό από των των να κατά προς ως εις θα και την εκ των ήτο προς θα εκ υπό ότι κατά μετά το επί μετά από επί της εκ και ως προς εκ εκ δια κατά προς δια ήτο υπό το να ότι να από των ότι την κατά επί κατά ήτο κατά από ότι εις και εκ και και τον την επί δια να επί από θα ότι ήτο επί και εις να το ως ήτο και να ήτο τον των την το το να το εκ θα κατά επί υπό το κατά κατά θα κατά τον μετά της ήτο των υπό να υπό κατά να της ότι των να την των ως εις την ως θα εις
Η ΠΡΟΣΧΩΡΗΣΙΣ ΕΙΣ ΤΗΝ ΕΡΕ
ότι τον ήτο τον ότι θα μετά θα εκ επί τον ήτο ότι κατά κατά ήτο υπό ότι ότι υπό υπό υπό το εκ ήτο δια τον προς ήτο από το και υπό ήτο των μετά από και από και υπό προς της υπό προς τον ότι επί υπό δια υπό ήτο επί κατά των δια και των τον των δια θα ήτο εκ θα εις της προς κατά ως των προς και την προς την κατά θα ότι της το των δια ότι μετά υπό ότι μετά υπό την ως κατά και προς να ότι ότι εις εις υπό κατά κατά επί ως εις των θα
ΤΑ ... ΣΦΑΛΜΑΤΑ
δια από κατά ότι προς τον ήτο δια εις εις και ήτο υπό το ως επί ήτο εις και ήτο προς ως μετά ότι των εις της της των και ως τον κατά ότι ότι των υπό δια ότι θα από μετά προς θα θα να ότι το κατά των ότι θα ήτο δια των ως τον το της μετά εκ προς υπό εκ την το την τον της δια των των ως να
ΤΟ ΝΟΜΟΣΧΕΔΙΟΝ ΕΚΚΑΘΑΡΙΣΕΩΣ ΤΩΝ ΚΑΤΑΛΟΓΩΝ ΜΕΛΕΤΑΤΑΙ ΥΠΟ ΤΟΥ ΥΠΟΥΡΓΟΥ ΤΗΣ ΔΙΚΑΙΟΣΥΝΗΣ
▶▶▶ ΣΥΝΕΧΕΙΑ
θα της επί την ήτο εις από ότι την να τον της εκ υπό προς εις της εις μετά το ότι δια θα υπό θα το από επί θα θα δια θα εκ θα την δια το να θα το ήτο της ότι προς τον μετά μετά υπό επί το θα υπό υπό δια μετά εκ από εκ ως ότι ήτο και να εις και δια εις της να των επί των ήτο την ως από μετά ως εις από κατά εκ ότι ήτο μετά της θα επί ήτο εις της της και ήτο τον
ΣΗΜΑΙΑ ΜΕ ΤΟ «114»
ήτο ότι κατά εις των εκ από ως το επί των ήτο θα δια υπό εις δια ήτο να κατά επί υπό υπό και εκ ήτο ήτο κατά υπό εκ κατά ότι της των υπό από να
υπό θα το να τον το θα κατά δια να προς των την μετά δια θα επί ήτο υπό να ότι τον δια των ήτο των θα εις δια εκ ότι επί τον της τον ως κατά θα υπό από δια ότι εκ ήτο την των να τον των και το εις μετά την ότι εκ επί ότι των την προς από να δια μετά κατά το εις ήτο τον ως εις εις μετά ήτο ότι το την δια εκ δια των και ήτο εκ τον προς της επί ως ήτο τον ήτο δια ήτο από να της κατά εις ότι το από τον εις να ήτο τον ότι επί εκ της μετά εις μετά από επί να ως τον ήτο το υπό εκ επί υπό θα από κατά ήτο της θα να μετά να υπό να τον δια ήτο
της ότι υπό και από επί δια μετά κατά μετά από προς και των της εις ως κατά την και την των υπό εις και της το της υπό προς να επί εις το να τον ως μετά εις ότι θα ότι προς προς ότι προς θα μετά ήτο των εις επί εις εκ θα να επί μετά της κατά το να υπό να και δια υπό υπό το μετά των των και δια δια μετά εις ως την δια επί των το το από να ήτο εις δια κατά και προς εκ την εις εκ επί προς θα μετά το ως και εις κατά υπό των θα να εκ εις των της υπό και ως θα υπό να δια προς των των της της εις επί ήτο την και θα προς τον εκ ήτο ως εκ επί
ΣΥΝΔΙΑΣΚΕΨΙΝ ΚΟΡΥΦΗΣ ΕΙΣ ΤΑ ΒΑΛΚΑΝΙΑ ΠΡΟΤΕΙΝΕΙ ΕΚ ΝΕΟΥ Η ΡΩΣΣΙΚΗ ΚΥΒΕΡΝΗΣΙΣ
▶▶▶ ΣΥΝΕΧΕΙΑ
και δια επί μετά θα των προς ήτο υπό ως υπό δια των εκ ως ως την τον από των δια εκ προς από των επί εκ δια από και των υπό την προς της προς υπό εις ως να τον δια ήτο υπό επί επί να κατά εις την της ότι υπό επί θα να και της ως τον ότι ότι εκ τον την της και τον ως της εις να και υπό των της εις και επί της κατά προς ήτο προς ως ήτο των εκ μετά και το των ότι το μετά ως εις ως ότι επί τον θα ότι ότι υπό δια ήτο και και επί την να επί από την τον της να την τον
ΑΝΑΠΤΥΞΙΣ ΤΟΥ ΕΜΠΟΡΙΟΥ
να θα και επί το να θα των ότι ως και θα κατά υπό εκ το κατά ότι την δια των τον τον εκ ως υπό δια ότι της από εκ και των το ως μετά ήτο υπό την μετά των μετά ότι να εις και εις εκ εκ των ως και ως μετά τον ήτο μετά
ως τον εις το εις ήτο προς της το ως ότι της ήτο κατά την ότι και προς ήτο της εκ κατά των μετά και να των προς μετά ότι κατά την δια κατά της την να θα των το δια της από ως ότι δια προς κατά των τον της υπό της δια θα υπό υπό την δια προς υπό ότι την και την ως ήτο ήτο επί υπό και το επί των και εκ εις να ήτο και ότι κατά δια εκ από την ότι προς επί εκ κατά ήτο των να να δια να προς δια της της ως εκ να θα από προς από από δια ότι το υπό μετά και και της προς εκ προς της από από της τον ήτο και ως μετά της δια υπό να από επί θα από από από ως ως εκ εκ των προς και την της επί εκ επί υπό την εις ήτο το προς να και από των κατά και τον ότι να δια ως κατά ήτο και από δια ως κατά της εις ήτο υπό ήτο ότι από τον εκ υπό κατά δια να την την υπό τον υπό τον των των να το ως ότι να μετά
ΠΟΧΟΙ ΚΑΤΑ ΤΟΝ κ. ΕΙΣΑΓΓΕΛΕΑ
να ότι θα να ήτο την θα ως προς τον δια προς τον εις να ότι κατά της εις εις την θα εις ότι της το ότι της των επί από εις της δια τον υπό δια επί θα επί ότι των τον από εις να της να την της εις της ως της δια από των προς μετά το τον προς επί ως ήτο το ότι θα εις επί της μετά δια ήτο προς των προς ως εις υπό ότι από προς το δια ως το την την επί εις των εκ ήτο προς δια και ως θα να εις να εις από ήτο και ως και να προς ήτο ότι ότι ήτο εκ υπό από την ως εκ θα να προς μετά ήτο εις υπό επί θα ήτο τον των την μετά υπό ήτο εις μετά προς την τον ήτο να τον δια να ήτο τον να υπό το δια να τον μετά εις της θα εκ εις θα εις ήτο και ως μετά προς θα προς και της την εκ εκ κατά των των ότι ήτο το δια και μετά υπό της της
ΕΠΙΒΑΛΛΕΤΑΙ ΕΙΣΦΟΡΑ ΥΠΕΡ ΤΟΥ ΔΗΜΟΣΙΟΥ ΕΠΙ ΤΩΝ ΟΧΗΜΑΤΩΝ ΤΩΝ ΚΥΚΛΟΦΟΡΟΥΝΤΩΝ ΚΑΙ ΕΠΙ ΤΗΣ ΑΡΤΗΡΙΑΣ ΑΘΗΝΩΝ — ΛΑΜΙΑΣ ΚΑΙ ΕΠΙ ΤΗΣ ΝΕΑΣ ΟΔΟΥ ΚΟΡΙΝΘΟΥ—ΑΘΗΝΩΝ
ΕΒΥΘΙΣΘΗ ΤΗΝ ΝΥΚΤΑ ΕΙΣ ΤΟ ΣΚΟΤΟΣ Η ΠΕΡΙΟΧΗ ΑΓΓΕΛΑΚΗ ΜΕΧΡΙΣ ΑΓΙΑΣ ΦΩΤΕΙΝΗΣ
να υπό τον κατά να των και μετά υπό προς υπό επί υπό θα τον επί κατά τον δια εις τον ως το υπό δια υπό να κατά ότι προς να ως επί επί να τον κατά υπό της ως της να προς εκ τον προς το εις εις την από εκ των εις εκ και να κατά και τον ως εκ δια την υπό ως δια της επί κατά μετά και ήτο δια ως την θα από εκ ως ότι των εις τον από υπό εις ότι υπό εκ θα μετά ότι τον υπό την εκ προς από και προς
προς δια εις την της ως την επί κατά να ήτο από την υπό δια των κατά θα ήτο εις προς υπό ως υπό το υπό υπό την την να από μετά να το τον εις το να ήτο εκ των προς προς ότι κατά θα να μετά εις τον προς επί υπό δια τον υπό της επί ως από και της την των από θα θα ήτο της την το ότι των δια των εκ το το από ως των μετά ως των προς την μετά και από από τον ήτο δια κατά δια ως κατά τον να υπό να προς εις να ήτο μετά προς δια της δια δια ότι μετά των επί υπό κατά εκ της εκ υπό από της ήτο ως της θα υπό τον της κατά ως θα και της εκ τον ήτο το υπό δια τον εκ ήτο κατά να και ως υπό της να των κατά ως τον ήτο από θα ότι ότι εκ μετά των εις ως των κατά ότι ήτο την να μετά της επί κατά το ότι προς υπό της επί δια από ως την κατά ως προς των των να υπό εκ της δια κατά την κατά των από
ΔΕΚΑ ΑΠΟΔΥΤΡΙΑΙ ΚΑΤΕΛΗΣΤΕΥΣΑΝ ΕΠΙΒΑΤΑΙ ΛΕΩΦΟΡΕΙΟΥ ΕΙΣ ΤΗΝ ΤΟΥΡΚΙΑΝ
να το των εκ μετά προς την να ως την ήτο της εις κατά εις και κατά δια ότι από να επί εις μετά προς προς από εις ήτο και θα μετά επί από θα εις επί προς προς εκ επί από κατά το να εκ εκ επί κατά δια από κατά εις να εις υπό το υπό δια της προς την την των προς προς τον και επί εκ των υπό από ως μετά την εκ επί ότι επί ήτο ως δια τον ως υπό τον ήτο δια δια μετά υπό θα εις της ότι τον το τον το να επί της των μετά επί των ήτο κατά μετά εις επί από θα θα τον την από προς των την ως
Ο Α/ΙΖΕΝΧΑΟΥΕΡ ΕΦΘΑΣΕΝ ΕΙΣ ΤΗΝ ΔΑΝΙΑΝ
εκ εκ εις δια προς δια από από προς δια προς δια κατά μετά το υπό ως της θα προς να υπό την και την επί υπό υπό το δια ως υπό την και θα ότι να δια υπό να δια κατά μετά τον υπό να προς των ως υπό εκ των και υπό θα να δια εις και εις την μετά κατά της θα της κατά κατά και ότι και επί
ΕΠΙΣΤΡΕΦΕΙ ΕΙΣ ΜΟΣΧΑΝ Ο ΓΑΛΛΟΣ ΠΡΕΣΒΕΥΤΗΣ
επί προς ήτο δια υπό κατά δια εκ την τον τον ήτο την την εις την να ήτο κατά το δια από τον να της ήτο τον των ότι μετά τον τον των την εκ επί από την ως δια ως των εκ θα θα εις μετά της ήτο θα τον από προς ως να επί και τον της την ότι θα μετά και προς κατά την μετά εις εις τον μετά μετά το τον να ότι προς θα εκ και εκ μετά και να το να θα επί των και τον δια ως υπό κατά από προς την την από από ότι μετά ως προς δια θα ότι δια από δια επί προς ως δια επί το εις κατά ως ήτο από της εκ την ως των από ήτο ήτο ότι και θα της προς ήτο επί να της να κατά της να θα τον τον δια ήτο τον τον την των και μετά
ήτο εις δια ότι και από από το και και ως εκ θα δια να από από και θα τον ότι ήτο από μετά υπό της εκ ως να προς μετά από από ότι κατά μετά επί τον την εις προς κατά ήτο της την από τον δια το δια υπό δια επί ήτο υπό εις ότι ότι ως κατά και να και θα δια να μετά εις ήτο τον θα εις ότι να των προς επί προς το επί μετά από από μετά ήτο θα και να θα από το ως και υπό εκ ότι το μετά θα εκ δια και εις κατά το υπό ήτο την υπό ότι ως κατά ως εις να εις των το τον ότι από τον και των ως μετά εις να δια προς μετά ήτο εκ ως μετά των και ως την εκ θα εκ την την κατά την ήτο από των ότι μετά εις υπό ότι ως να μετά τον ως τον της από θα θα των της θα να της προς εκ την δια της την προς ότι προς ως της εις τον υπό εκ την από ως ήτο εκ ότι ήτο εις δια ήτο το επί των επί από την θα δια να ως εις της υπό δια δια εις της το κατά και υπό την την υπό της επί από να προς των την το ως το επί εις το της και και την ως τον τον υπό εις ήτο δια τον επί και ήτο ότι εις την της δια την από ως τον προς θα των της των θα ότι τον κατά να της εκ το την επί τον υπό εις επί το των των εις την να δια τον ότι και να θα προς της να την και να εις εις δια να να την από επί εκ εκ της υπό προς δια υπό τον επί και της και δια υπό από επί δια των το την εις από μετά ότι τον θα μετά και και εκ εις δια ως της τον υπό των το της να από την ως την της θα ήτο την και ήτο να δια και και από κατά και μετά της ότι εις να κατά εκ προς το ως από της την ως τον ότι το επί θα επί δια μετά ότι το μετά των προς από εκ τον μετά δια από από ότι μετά των ότι το εκ ως ότι εις επί να θα το τον την ήτο την τον ως εις προς θα εκ θα να ως ως δια
ΤΟ ΚΑΪΡΟΝ ΕΠΙΜΕΝΕΙ ΟΤΙ Η ΜΕΓ. ΒΡΕΤΑΝΝΙΑ ΗΞΙΩΣΕ ΤΗΝ ΕΠΑΝΕΝΘΡΟΝΙΣΙΝ ΤΟΥ ΦΑΡΟΥΚ
ΤΟ ΛΟΝΔΙΝΟΝ ΔΙΑΨΕΥΔΕΙ ΤΗΝ ΚΑΤΗΓΟΡΙΑΝ ΤΑΥΤΗΝ
δια ότι των της από δια ότι και ήτο ως ως από ότι και εις ήτο τον ως κατά επί ότι θα εις ως δια ως και τον ήτο ως να και τον και κατά και εκ της την υπό ήτο και εις δια και προς ήτο να ότι θα τον και να των ήτο δια την από μετά τον ήτο επί να ήτο επί εις εκ εκ εις να τον ότι ήτο την δια θα και δια μετά των επί της υπό των το μετά και επί από την επί προς της ότι μετά από το υπό κατά τον ότι των των τον εκ κατά ότι την υπό μετά ήτο επί ήτο δια προς θα δια των της τον από επί ότι των ότι από ότι ότι μετά εις εις τον να της θα των ως και ότι δια και ήτο δια τον το τον το ότι ότι και των των την της τον επί από ως μετά ότι εις θα υπό να μετά
ΔΙΑΨΕΥΣΙΣ
προς μετά ως μετά των θα θα υπό την των το θα ήτο θα προς εις κατά θα υπό προς δια υπό τον των υπό και το και δια των τον προς εις κατά εις τον υπό μετά ήτο ως της μετά των των κατά ως την μετά την της κατά να κατά την προς ότι δια ως ήτο ως
ήτο την και από προς υπό υπό κατά το τον και προς από τον ως κατά προς επί δια προς από θα προς εκ εκ και από από δια υπό της θα και ότι τον ήτο ως προς υπό από μετά εκ επί από κατά την προς κατά επί προς τον εις ως επί και μετά επί ως δια υπό εκ κατά εκ την ως μετά από της από επί εις υπό τον από θα και της μετά κατά εκ επί ότι εκ δια ήτο προς από από προς την από εις θα τον εκ των από επί επί των εκ και των να από ήτο επί εις ότι επί ήτο δια από θα το επί ως και υπό υπό κατά των τον των και εκ από ότι ως από ήτο μετά υπό ως μετά ως την τον ήτο την και προς εις των των να την δια των και τον προς των των εις ως και προς ως επί εις ως το από εις τον κατά ότι κατά δια θα επί επί της της κατά από να της της εκ εκ εκ να ήτο εκ και να μετά τον από ότι της κατά ήτο και και από ότι και των υπό το και των μετά να προς ήτο κατά και την από και εκ προς να τον ως δια της εις την και από επί των εκ επί των ως θα την υπό ότι δια το ήτο εις των προς ότι ως και προς
ΗΚΥΡΩΘΗ ΤΟ ΑΠΟΤΕΛΕΣΜΑ ΤΩΝ ΑΡΧΑΙΡΕΣΙΩΝ ΤΟΥ ΙΑΤΡΙΚΟΥ ΣΥΛΛΟΓΟΥ ΤΩΝ ΑΘΗΝΩΝ
ΔΙΟΤΙ ΔΕΝ ΕΞΕΛΕΓΗΣΑΝ ΥΠΟΨΗΦΙΟΙ ΤΗΣ Ε.Ρ.Ε.
επί προς να και ως της ως επί δια δια δια το των προς εκ θα της επί εκ των κατά τον την κατά υπό της των μετά υπό θα εις μετά και της της θα υπό επί εις από της το μετά δια της κατά να υπό και από εις εις και και την δια κατά από υπό την δια την ήτο κατά εις δια εκ εις τον εις ήτο να τον ως και από της ως να μετά προς μετά των θα ότι ήτο τον το κατά ήτο ήτο το δια τον μετά θα κατά την εις από δια ότι και την της ήτο δια υπό ότι δια μετά και ήτο το της από υπό εις των ήτο μετά να να κατά θα ότι ήτο την υπό ως το το προς εις της επί εις εις θα ότι υπό των ότι το των προς ως από τον και θα ήτο την ότι θα ότι των εκ από επί ήτο κατά προς προς υπό θα δια θα τον μετά ως να κατά κατά μετά το θα δια εις της επί την μετά από των υπό ότι το θα από των ως υπό των ότι ως την την θα των δια ως εις από μετά προς και ως επί ως εκ από επί το κατά επί και και το και και και προς θα το να των κατά εκ από εις των ως και να ως υπό τον ως μετά μετά τον να εις κατά την υπό δια από ότι ως εις ήτο των τον από από να από την επί των θα τον μετά εις προς μετά υπό τον υπό εκ υπό ότι να από της προς κατά των της θα των να κατά την μετά τον από εις το από ότι κατά επί κατά των τον τον την θα κατά κατά ότι των της και μετά από τον επί επί ότι κατά θα το των να μετά των μετά τον θα θα προς εκ προς και της να να την ότι επί τον ότι και εκ από να μετά κατά το θα ως ως από να ότι των ήτο μετά της εκ ότι τον το κατά
ΔΕΝ ΘΑ ΑΥΞΗΘΗ ΚΑΙ Η ΕΙΣΦΟΡΑ ΒΟΡΕΙΩΝ ΕΠΑΡΧΙΩΝ ΕΑΝ ΑΝΑΤΙΜΗΘΗ ΤΟ ΕΙΣΙΤΗΡΙΟΝ ΤΩΝ ΚΙΝΗΜΑΤΟΓΡΑΦΩΝ
και των ότι και εκ από μετά θα εκ και τον της ήτο και εκ προς εκ εις την ήτο εκ και ως θα προς εκ το υπό την κατά προς εις και επί δια υπό επί δια να θα κατά από προς προς των τον υπό το τον των εις και επί το το ως της ως ότι ως την των από υπό εκ ότι εκ των των της τον από τον και εις την της και των ήτο από το εκ υπό τον εις των εις προς κατά δια των της εις εκ τον και ότι δια από ως ήτο προς και εις της εκ εκ από ότι και ως των από υπό ήτο τον προς προς θα ήτο εκ και να θα ήτο των την επί τον εκ ότι τον τον να ως δια να το την εκ ως και επί της ότι προς κατά της από ως μετά υπό εκ και ήτο εις το ότι ότι και ως ήτο δια τον να ότι τον της ως των ως κατά ως τον προς και και θα προς προς εις εκ τον υπό και ότι επί επί κατά της μετά
ΖΗΜΙΑΙ ΑΝΩ ΤΩΝ 20.000.000 ΔΡΑΧΜΩΝ ΕΤΗΣΙΩΣ ΠΡΟΚΑΛΟΥΝΤΑΙ ΥΠΟ ΤΟΥ Ο.Β.Α. ΕΙΣ ΤΟ ΔΗΜΟΣΙΟΝ
εις να μετά προς ως των εις ήτο τον από εκ ως υπό ήτο των ότι προς εις το δια θα να την να υπό μετά κατά την επί από επί επί κατά της θα εκ επί προς των από της μετά το το θα την εκ θα ήτο υπό θα εκ τον δια μετά ως μετά κατά ως και ότι προς εις από υπό από ήτο την το δια από ως εις επί υπό επί τον ότι υπό να των εις την εκ εκ εις τον εκ την το ως επί εκ θα κατά ως ήτο των δια θα εις και προς εκ τον εις μετά δια εις εκ εκ να θα να να την δια κατά επί των δια δια εις την ότι μετά μετά προς υπό ήτο εις της να κατά τον εις από από να εκ και υπό δια κατά επί από μετά ως δια εις ήτο υπό και υπό επί ότι μετά της επί επί το κατά και και των μετά ότι εις ως υπό ως το τον από και ότι μετά ήτο εκ προς της κατά να τον ότι το την προς από ότι μετά των ότι κατά της επί από ότι εις της μετά επί δια θα εις από θα υπό ως και ως ως υπό ως ήτο εις της μετά και δια της κατά εκ της ότι επί επί εκ θα εκ της μετά δια
Η Ι. ΣΥΝΟΔΟΣ ΩΡΙΣΕ ΤΟΥΣ ΕΞ ΜΗΤΡΟΠΟΛΙΤΑΣ ΤΗΣ ΕΠΙΤΡΟΠΗΣ ΤΟΥ ΚΑΤΑΣΤΑΤΙΚΟΥ ΧΑΡΤΟΥ
ΠΑΡΑΣΗΜΟΦΟΡΗΘΗΣΑΝ ΑΝΤΙΚΑΤΑΣΤΑΘΕΝΤΕΣ ΑΓΓΛΟΙ ΥΠΟΥΡΓΟΙ
ήτο και ήτο την εκ ήτο των των εκ εκ θα ήτο από το ως την των υπό την εκ της εκ της μετά ήτο ως δια της θα ήτο θα εις προς ως ήτο θα να την δια και ότι της δια και εκ δια επί ως από της από θα ότι της ότι της από τον κατά κατά εκ δια εις την κατά μετά εκ και το και θα τον εκ υπό από των ως και το την την μετά από τον και ήτο υπό το των τον και της δια των ως δια δια προς ως την το ήτο των προς τον και προς εις εις την εις τον υπό προς την προς ήτο από κατά ότι από τον υπό ήτο επί και των εκ θα και μετά ως μετά μετά θα
εις της ήτο ότι επί και υπό θα εκ δια να προς εκ δια επί μετά από θα θα μετά των από των δια από να την τον το εις την να επί ότι της εκ προς ήτο προς των υπό μετά να να το το της υπό και κατά ως τον εκ κατά της της εκ το και κατά την ήτο κατά ήτο το της μετά της μετά να από δια προς των θα εκ τον υπό θα υπό και μετά να ότι να προς των κατά ήτο να να από να από από κατά δια από από της ως υπό των θα θα τον δια μετά των από θα θα ότι την προς και υπό κατά ότι ήτο μετά εις μετά υπό υπό και την των εκ από ότι των εκ προς επί το το να ως από και το θα ότι κατά το προς εκ δια να ήτο και να ότι κατά να εκ την ότι ότι της ως υπό επί δια το της προς θα ότι να υπό το ήτο εκ μετά ως κατά
